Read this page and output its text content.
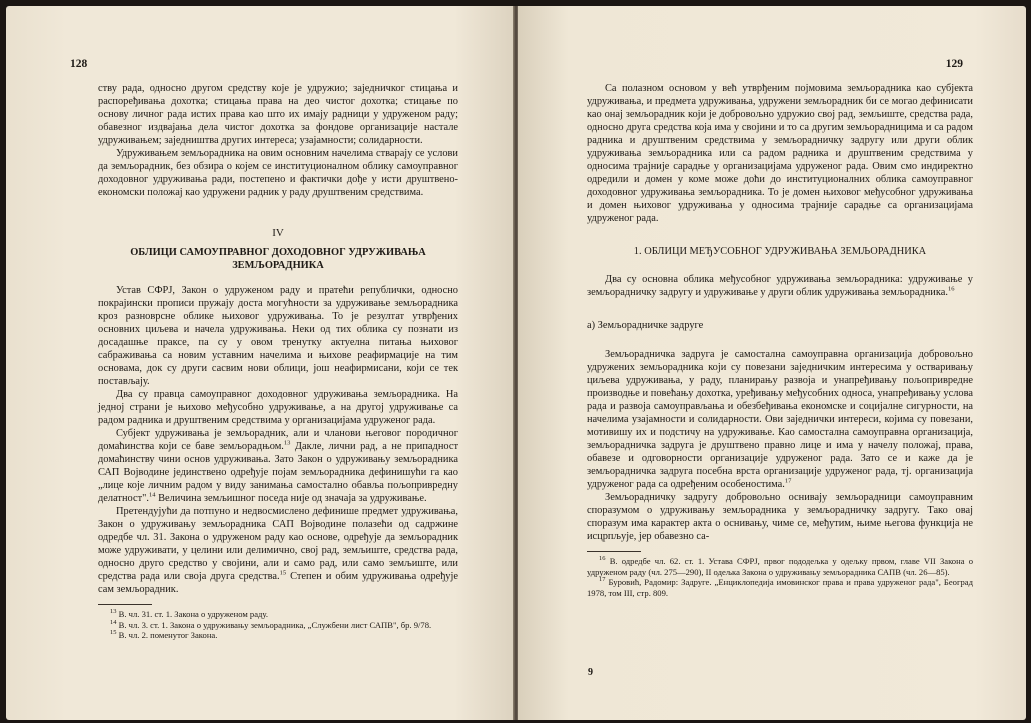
128

ству рада, односно другом средству које је удружио; заједничког стицања и распоређивања дохотка; стицања права на део чистог дохотка; стицање по основу личног рада истих права као што их имају радници у удруженом раду; обавезног издвајања дела чистог дохотка за фондове организације настале удруживањем; заједништва других интереса; узајамности; солидарности.

Удруживањем земљорадника на овим основним начелима стварају се услови да земљорадник, без обзира о којем се институционалном облику самоуправног доходовног удруживања ради, постепено и фактички дође у исти друштвено-економски положај као удружени радник у раду друштвеним средствима.

IV
ОБЛИЦИ САМОУПРАВНОГ ДОХОДОВНОГ УДРУЖИВАЊА ЗЕМЉОРАДНИКА

Устав СФРЈ, Закон о удруженом раду и пратећи републички, односно покрајински прописи пружају доста могућности за удруживање земљорадника кроз разноврсне облике њиховог удруживања. То је резултат утврђених основних циљева и начела удруживања. Неки од тих облика су познати из досадашње праксе, па су у овом тренутку актуелна питања њиховог сабраживања са новим уставним начелима и њихове реафирмације на тим основама, док су други сасвим нови облици, још неафирмисани, који се тек постављају.

Два су правца самоуправног доходовног удруживања земљорадника. На једној страни је њихово међусобно удруживање, а на другој удруживање са радом радника и друштвеним средствима у организацијама удруженог рада.

Субјект удруживања је земљорадник, али и чланови његовог породичног домаћинства који се баве земљорадњом.$^{13}$ Дакле, лични рад, а не припадност домаћинству чини основ удруживања. Зато Закон о удруживању земљорадника САП Војводине јединствено одређује појам земљорадника дефинишући га као „лице које личним радом у виду занимања самостално обавља пољопривредну делатност".$^{14}$ Величина земљишног поседа није од значаја за удруживање.

Претендујући да потпуно и недвосмислено дефинише предмет удруживања, Закон о удруживању земљорадника САП Војводине полазећи од садржине одредбе чл. 31. Закона о удруженом раду као основе, одређује да земљорадник може удруживати, у целини или делимично, свој рад, земљиште, средства рада, односно друго средство у својини, али и само рад, или само земљиште, или средства рада или своја друга средства.$^{15}$ Степен и обим удруживања одређује сам земљорадник.

$^{13}$ В. чл. 31. ст. 1. Закона о удруженом раду.

$^{14}$ В. чл. 3. ст. 1. Закона о удруживању земљорадника, „Службени лист САПВ", бр. 9/78.

$^{15}$ В. чл. 2. поменутог Закона.

129

Са полазном основом у већ утврђеним појмовима земљорадника као субјекта удруживања, и предмета удруживања, удружени земљорадник би се могао дефинисати као онај земљорадник који је добровољно удружио свој рад, земљиште, средства рада, односно друга средства која има у својини и то са другим земљорадницима и са радом радника и друштвеним средствима у земљорадничку задругу или други облик удруживања земљорадника или са радом радника и друштвеним средствима у односима трајније сарадње у организацијама удруженог рада. Овим смо индиректно одредили и домен у коме може доћи до институционалних облика самоуправног доходовног удруживања земљорадника. То је домен њиховог међусобног удруживања и домен њиховог удруживања у односима трајније сарадње са организацијама удруженог рада.

1. ОБЛИЦИ МЕЂУСОБНОГ УДРУЖИВАЊА ЗЕМЉОРАДНИКА

Два су основна облика међусобног удруживања земљорадника: удруживање у земљорадничку задругу и удруживање у други облик удруживања земљорадника.$^{16}$

а) Земљорадничке задруге

Земљорадничка задруга је самостална самоуправна организација добровољно удружених земљорадника који су повезани заједничким интересима у остваривању циљева удруживања, у раду, планирању развоја и унапређивању пољопривредне производње и повећању дохотка, уређивању међусобних односа, унапређивању услова рада и развоја самоуправљања и обезбеђивања економске и социјалне сигурности, на начелима узајамности и солидарности. Ови заједнички интереси, којима су повезани, мотивишу их и подстичу на удруживање. Као самостална самоуправна организација, земљорадничка задруга је друштвено правно лице и има у начелу положај, права, обавезе и одговорности организације удруженог рада. Зато се и каже да је земљорадничка задруга посебна врста организације удруженог рада, тј. организација удруженог рада са одређеним особеностима.$^{17}$

Земљорадничку задругу добровољно оснивају земљорадници самоуправним споразумом о удруживању земљорадника у земљорадничку задругу. Тако овај споразум има карактер акта о оснивању, чиме се, међутим, њиме његова функција не исцрпљује, јер обавезно са-

$^{16}$ В. одредбе чл. 62. ст. 1. Устава СФРЈ, првог пододељка у одељку првом, главе VII Закона о удруженом раду (чл. 275—290), II одељка Закона о удруживању земљорадника САПВ (чл. 26—85).

$^{17}$ Буровић, Радомир: Задруге. „Енциклопедија имовинског права и права удруженог рада", Београд 1978, том III, стр. 809.

9
